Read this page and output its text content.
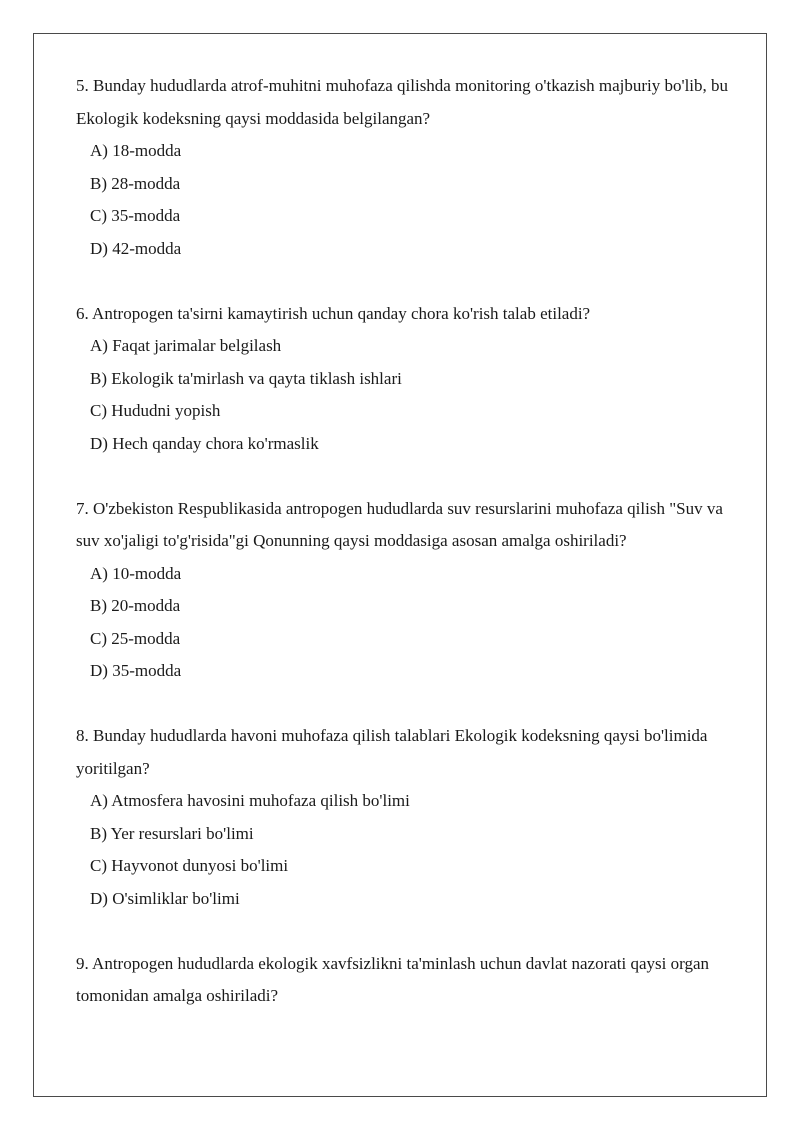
5. Bunday hududlarda atrof-muhitni muhofaza qilishda monitoring o'tkazish majburiy bo'lib, bu Ekologik kodeksning qaysi moddasida belgilangan?

A) 18-modda
B) 28-modda
C) 35-modda
D) 42-modda

6. Antropogen ta'sirni kamaytirish uchun qanday chora ko'rish talab etiladi?

A) Faqat jarimalar belgilash
B) Ekologik ta'mirlash va qayta tiklash ishlari
C) Hududni yopish
D) Hech qanday chora ko'rmaslik

7. O'zbekiston Respublikasida antropogen hududlarda suv resurslarini muhofaza qilish "Suv va suv xo'jaligi to'g'risida"gi Qonunning qaysi moddasiga asosan amalga oshiriladi?

A) 10-modda
B) 20-modda
C) 25-modda
D) 35-modda

8. Bunday hududlarda havoni muhofaza qilish talablari Ekologik kodeksning qaysi bo'limida yoritilgan?

A) Atmosfera havosini muhofaza qilish bo'limi
B) Yer resurslari bo'limi
C) Hayvonot dunyosi bo'limi
D) O'simliklar bo'limi

9. Antropogen hududlarda ekologik xavfsizlikni ta'minlash uchun davlat nazorati qaysi organ tomonidan amalga oshiriladi?
